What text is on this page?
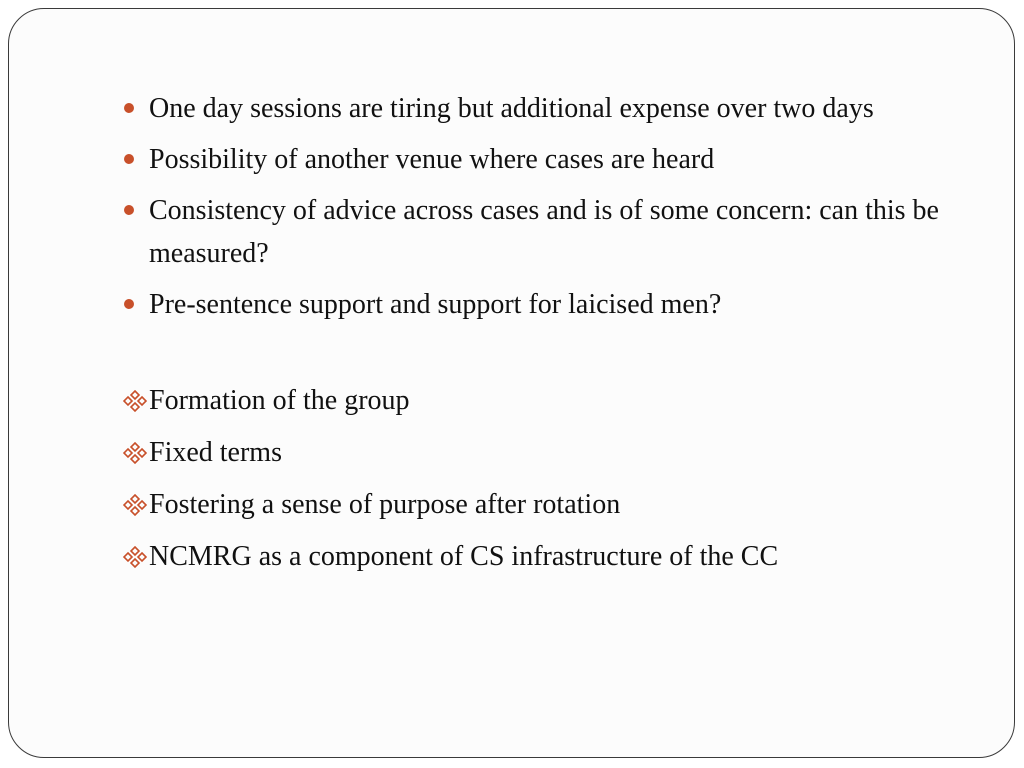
One day sessions are tiring but additional expense over two days
Possibility of another venue where cases are heard
Consistency of advice across cases and is of some concern: can this be measured?
Pre-sentence support and support for laicised men?
Formation of the group
Fixed terms
Fostering a sense of purpose after rotation
NCMRG as a component of CS infrastructure of the CC
